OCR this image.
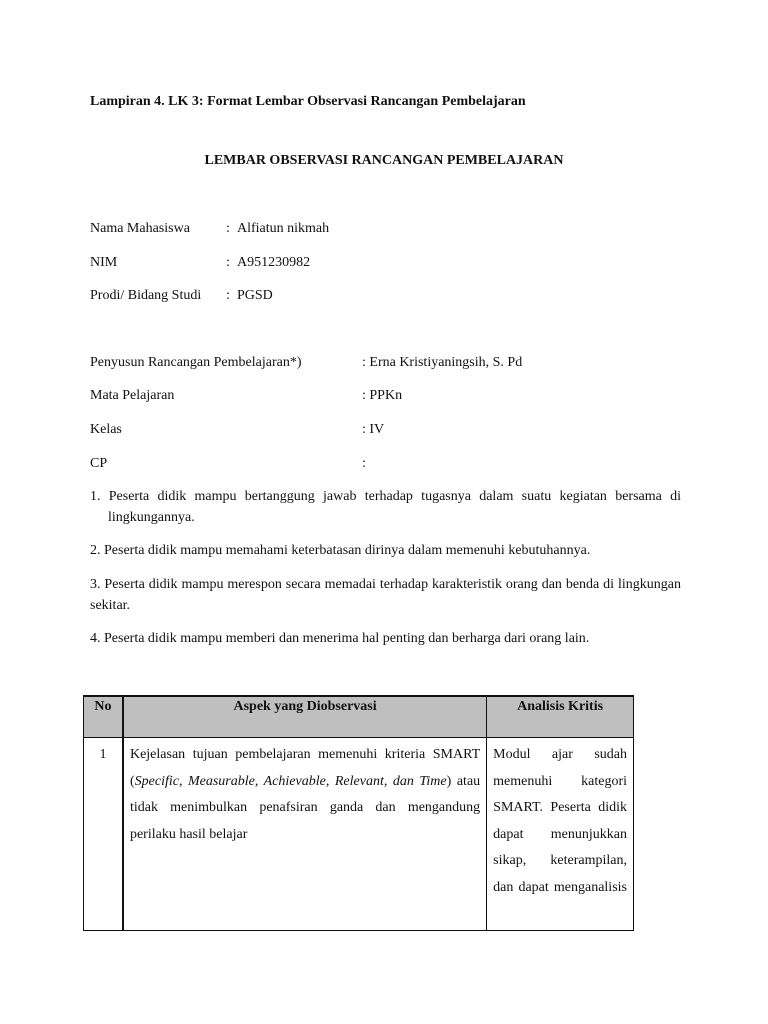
Lampiran 4. LK 3: Format Lembar Observasi Rancangan Pembelajaran
LEMBAR OBSERVASI RANCANGAN PEMBELAJARAN
Nama Mahasiswa	: Alfiatun nikmah
NIM	: A951230982
Prodi/ Bidang Studi : PGSD
Penyusun Rancangan Pembelajaran*)	: Erna Kristiyaningsih, S. Pd
Mata Pelajaran	: PPKn
Kelas	: IV
CP	:
1. Peserta didik mampu bertanggung jawab terhadap tugasnya dalam suatu kegiatan bersama di lingkungannya.
2. Peserta didik mampu memahami keterbatasan dirinya dalam memenuhi kebutuhannya.
3. Peserta didik mampu merespon secara memadai terhadap karakteristik orang dan benda di lingkungan sekitar.
4. Peserta didik mampu memberi dan menerima hal penting dan berharga dari orang lain.
No	Aspek yang Diobservasi	Analisis Kritis
1	Kejelasan tujuan pembelajaran memenuhi kriteria SMART (Specific, Measurable, Achievable, Relevant, dan Time) atau tidak menimbulkan penafsiran ganda dan mengandung perilaku hasil belajar	Modul ajar sudah memenuhi kategori SMART. Peserta didik dapat menunjukkan sikap, keterampilan, dan dapat menganalisis
